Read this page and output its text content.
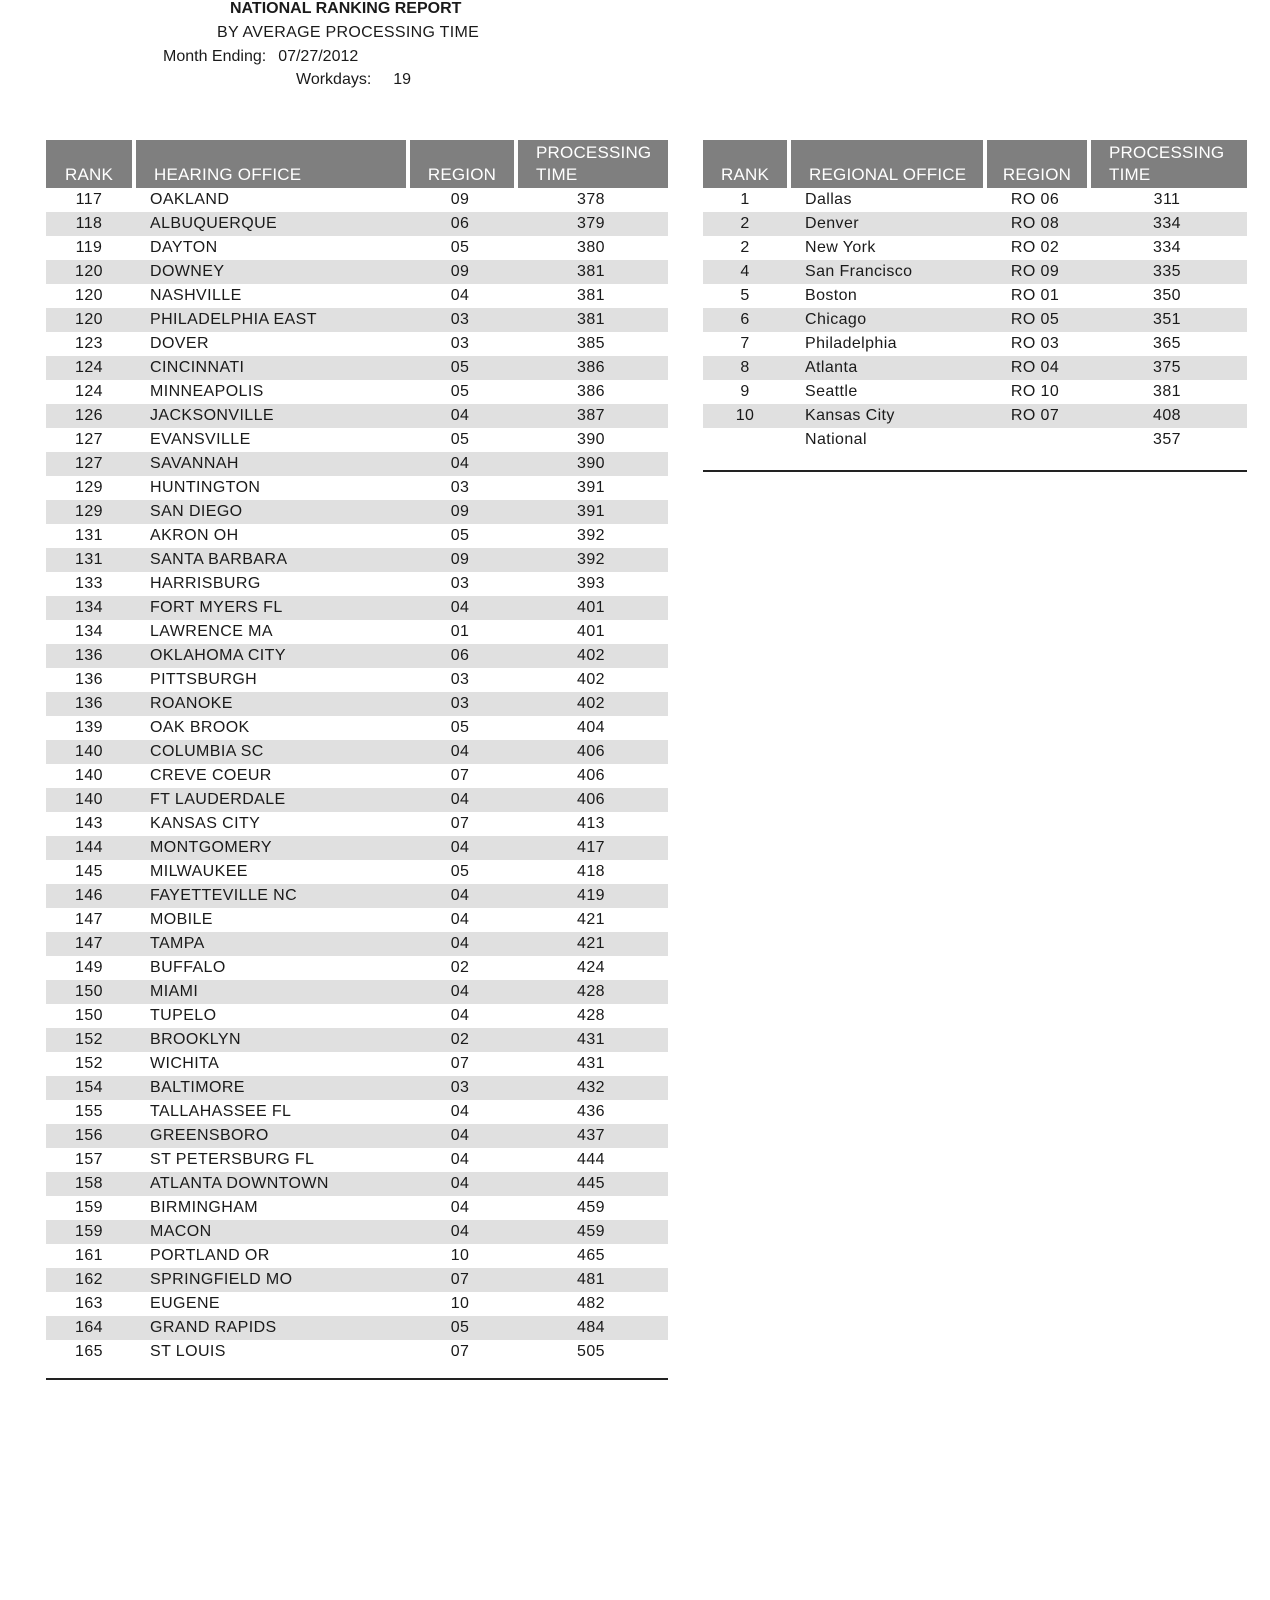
NATIONAL RANKING REPORT
BY AVERAGE PROCESSING TIME
Month Ending: 07/27/2012
Workdays: 19
RANK	HEARING OFFICE	REGION	PROCESSING
TIME
117	OAKLAND	09	378
118	ALBUQUERQUE	06	379
119	DAYTON	05	380
120	DOWNEY	09	381
120	NASHVILLE	04	381
120	PHILADELPHIA EAST	03	381
123	DOVER	03	385
124	CINCINNATI	05	386
124	MINNEAPOLIS	05	386
126	JACKSONVILLE	04	387
127	EVANSVILLE	05	390
127	SAVANNAH	04	390
129	HUNTINGTON	03	391
129	SAN DIEGO	09	391
131	AKRON OH	05	392
131	SANTA BARBARA	09	392
133	HARRISBURG	03	393
134	FORT MYERS FL	04	401
134	LAWRENCE MA	01	401
136	OKLAHOMA CITY	06	402
136	PITTSBURGH	03	402
136	ROANOKE	03	402
139	OAK BROOK	05	404
140	COLUMBIA SC	04	406
140	CREVE COEUR	07	406
140	FT LAUDERDALE	04	406
143	KANSAS CITY	07	413
144	MONTGOMERY	04	417
145	MILWAUKEE	05	418
146	FAYETTEVILLE NC	04	419
147	MOBILE	04	421
147	TAMPA	04	421
149	BUFFALO	02	424
150	MIAMI	04	428
150	TUPELO	04	428
152	BROOKLYN	02	431
152	WICHITA	07	431
154	BALTIMORE	03	432
155	TALLAHASSEE FL	04	436
156	GREENSBORO	04	437
157	ST PETERSBURG FL	04	444
158	ATLANTA DOWNTOWN	04	445
159	BIRMINGHAM	04	459
159	MACON	04	459
161	PORTLAND OR	10	465
162	SPRINGFIELD MO	07	481
163	EUGENE	10	482
164	GRAND RAPIDS	05	484
165	ST LOUIS	07	505
RANK	REGIONAL OFFICE	REGION	PROCESSING
TIME
1	Dallas	RO 06	311
2	Denver	RO 08	334
2	New York	RO 02	334
4	San Francisco	RO 09	335
5	Boston	RO 01	350
6	Chicago	RO 05	351
7	Philadelphia	RO 03	365
8	Atlanta	RO 04	375
9	Seattle	RO 10	381
10	Kansas City	RO 07	408
	National		357
